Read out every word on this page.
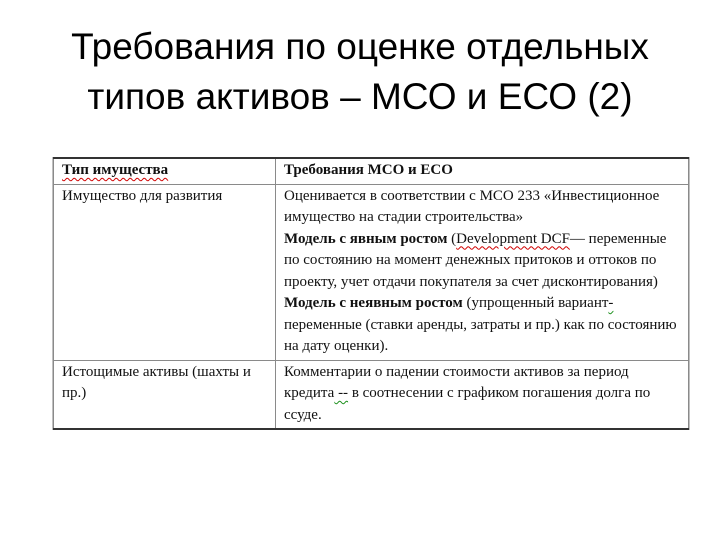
Требования по оценке отдельных
типов активов – МСО и ЕСО (2)
Тип имущества	Требования МСО и ЕСО
Имущество для развития	Оценивается в соответствии с МСО 233 «Инвестиционное имущество на стадии строительства»
Модель с явным ростом (Development DCF— переменные по состоянию на момент денежных притоков и оттоков по проекту, учет отдачи покупателя за счет дисконтирования)
Модель с неявным ростом (упрощенный вариант- переменные (ставки аренды, затраты и пр.) как по состоянию на дату оценки).
Истощимые активы (шахты и пр.)	Комментарии о падении стоимости активов за период кредита -- в соотнесении с графиком погашения долга по ссуде.
